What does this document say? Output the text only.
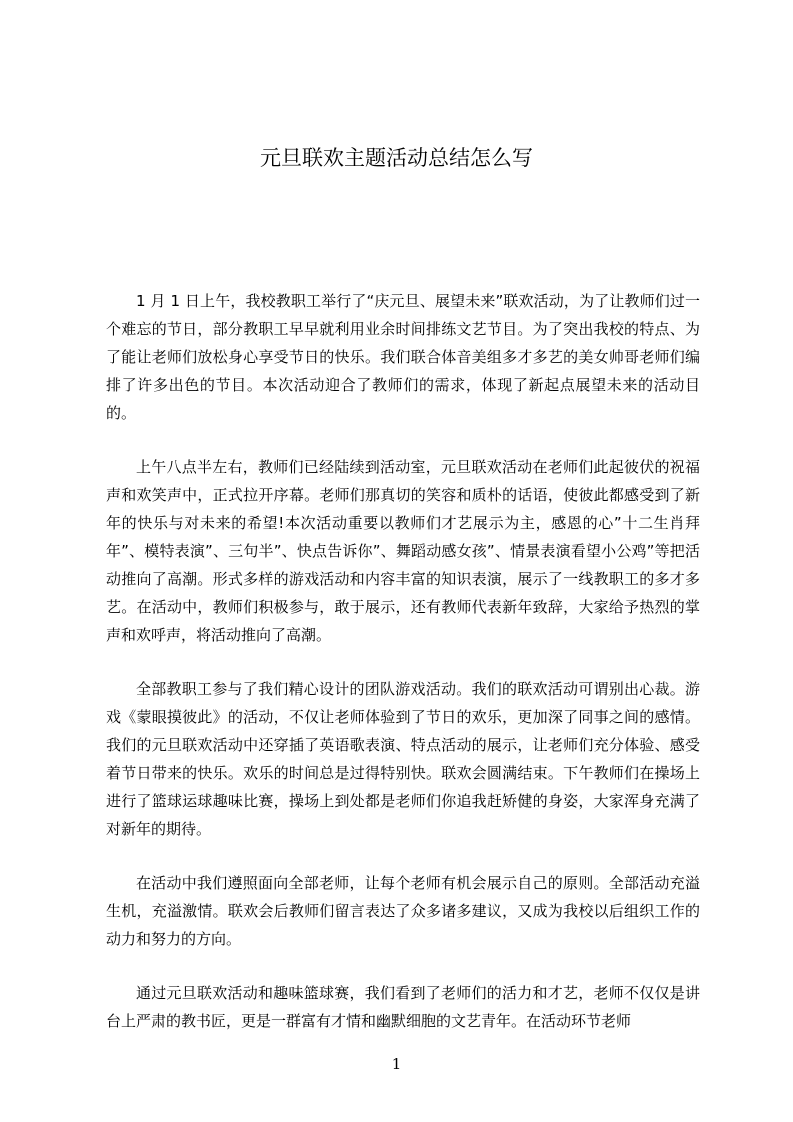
元旦联欢主题活动总结怎么写

1 月 1 日上午，我校教职工举行了“庆元旦、展望未来”联欢活动，为了让教师们过一个难忘的节日，部分教职工早早就利用业余时间排练文艺节目。为了突出我校的特点、为了能让老师们放松身心享受节日的快乐。我们联合体音美组多才多艺的美女帅哥老师们编排了许多出色的节目。本次活动迎合了教师们的需求，体现了新起点展望未来的活动目的。

上午八点半左右，教师们已经陆续到活动室，元旦联欢活动在老师们此起彼伏的祝福声和欢笑声中，正式拉开序幕。老师们那真切的笑容和质朴的话语，使彼此都感受到了新年的快乐与对未来的希望!本次活动重要以教师们才艺展示为主，感恩的心”十二生肖拜年”、模特表演”、三句半”、快点告诉你”、舞蹈动感女孩”、情景表演看望小公鸡”等把活动推向了高潮。形式多样的游戏活动和内容丰富的知识表演，展示了一线教职工的多才多艺。在活动中，教师们积极参与，敢于展示，还有教师代表新年致辞，大家给予热烈的掌声和欢呼声，将活动推向了高潮。

全部教职工参与了我们精心设计的团队游戏活动。我们的联欢活动可谓别出心裁。游戏《蒙眼摸彼此》的活动，不仅让老师体验到了节日的欢乐，更加深了同事之间的感情。我们的元旦联欢活动中还穿插了英语歌表演、特点活动的展示，让老师们充分体验、感受着节日带来的快乐。欢乐的时间总是过得特别快。联欢会圆满结束。下午教师们在操场上进行了篮球运球趣味比赛，操场上到处都是老师们你追我赶矫健的身姿，大家浑身充满了对新年的期待。

在活动中我们遵照面向全部老师，让每个老师有机会展示自己的原则。全部活动充溢生机，充溢激情。联欢会后教师们留言表达了众多诸多建议，又成为我校以后组织工作的动力和努力的方向。

通过元旦联欢活动和趣味篮球赛，我们看到了老师们的活力和才艺，老师不仅仅是讲台上严肃的教书匠，更是一群富有才情和幽默细胞的文艺青年。在活动环节老师

1
